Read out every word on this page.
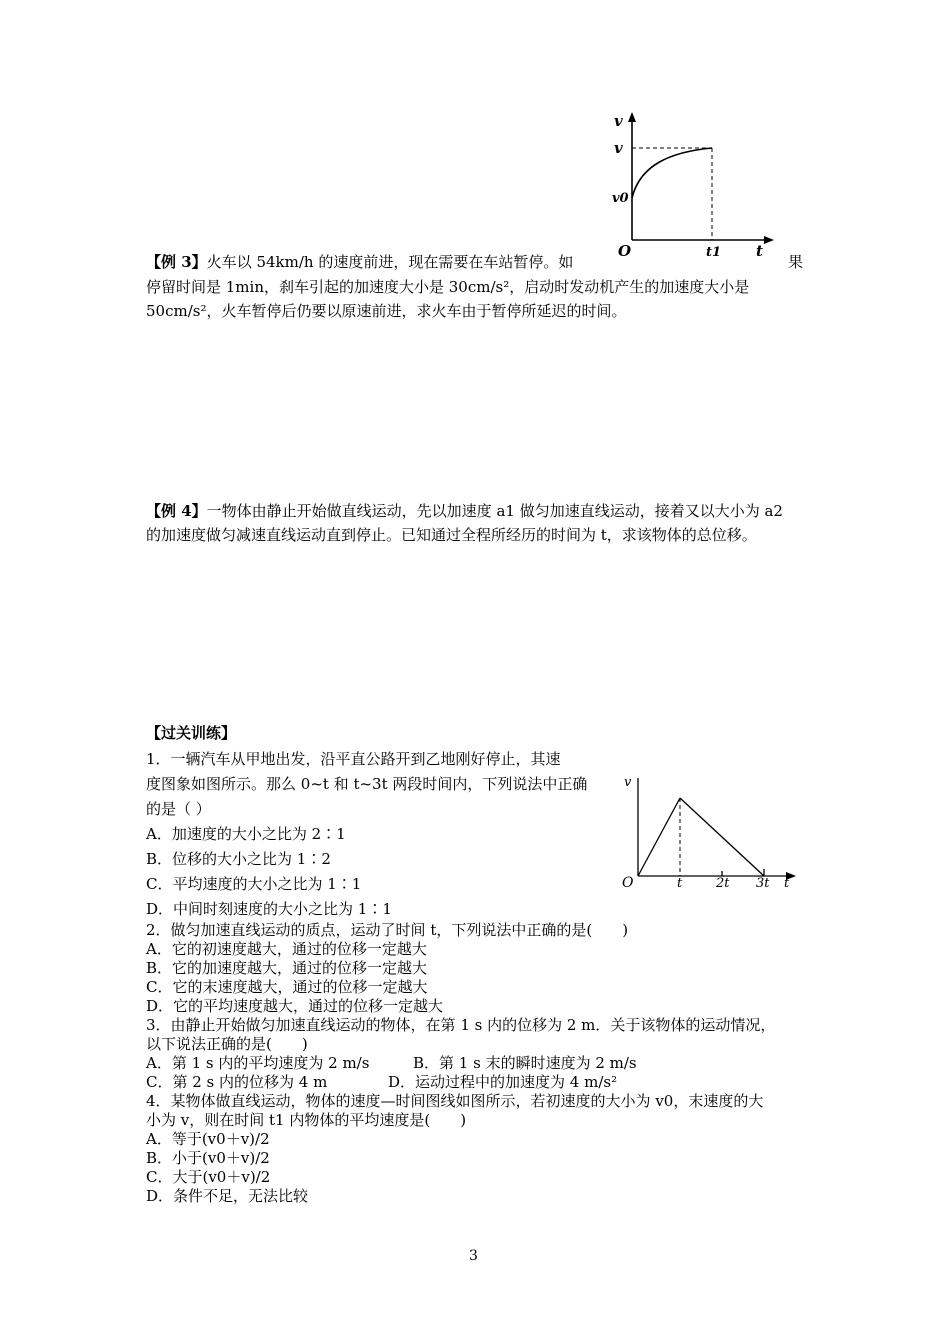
v
v
v0
O	t1 t
【例 3】火车以 54km/h 的速度前进，现在需要在车站暂停。如	果
停留时间是 1min，刹车引起的加速度大小是 30cm/s²，启动时发动机产生的加速度大小是
50cm/s²，火车暂停后仍要以原速前进，求火车由于暂停所延迟的时间。
【例 4】一物体由静止开始做直线运动，先以加速度 a1 做匀加速直线运动，接着又以大小为 a2
的加速度做匀减速直线运动直到停止。已知通过全程所经历的时间为 t，求该物体的总位移。
【过关训练】
1．一辆汽车从甲地出发，沿平直公路开到乙地刚好停止，其速
度图象如图所示。那么 0~t 和 t~3t 两段时间内，下列说法中正确
的是（ ）
A．加速度的大小之比为 2∶1
B．位移的大小之比为 1∶2
C．平均速度的大小之比为 1∶1
D．中间时刻速度的大小之比为 1∶1
v
O	t	2t 3t t
2．做匀加速直线运动的质点，运动了时间 t，下列说法中正确的是(　　)
A．它的初速度越大，通过的位移一定越大
B．它的加速度越大，通过的位移一定越大
C．它的末速度越大，通过的位移一定越大
D．它的平均速度越大，通过的位移一定越大
3．由静止开始做匀加速直线运动的物体，在第 1 s 内的位移为 2 m．关于该物体的运动情况，
以下说法正确的是(　　)
A．第 1 s 内的平均速度为 2 m/s	B．第 1 s 末的瞬时速度为 2 m/s
C．第 2 s 内的位移为 4 m	D．运动过程中的加速度为 4 m/s²
4．某物体做直线运动，物体的速度—时间图线如图所示，若初速度的大小为 v0，末速度的大
小为 v，则在时间 t1 内物体的平均速度是(　　)
A．等于(v0＋v)/2
B．小于(v0＋v)/2
C．大于(v0＋v)/2
D．条件不足，无法比较
3
